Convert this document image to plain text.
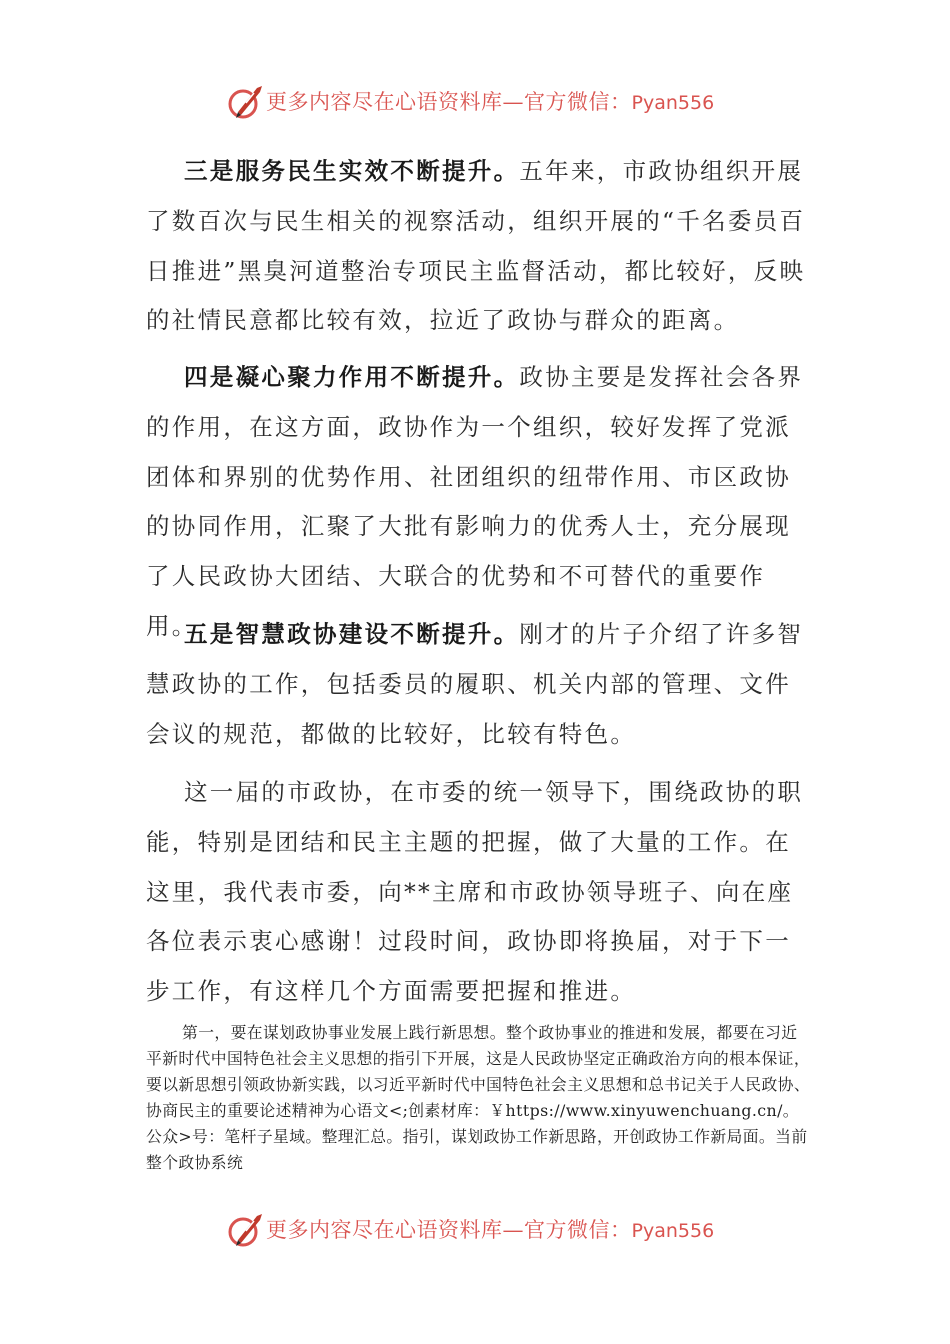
更多内容尽在心语资料库—官方微信：Pyan556

三是服务民生实效不断提升。五年来，市政协组织开展了数百次与民生相关的视察活动，组织开展的“千名委员百日推进”黑臭河道整治专项民主监督活动，都比较好，反映的社情民意都比较有效，拉近了政协与群众的距离。

四是凝心聚力作用不断提升。政协主要是发挥社会各界的作用，在这方面，政协作为一个组织，较好发挥了党派团体和界别的优势作用、社团组织的纽带作用、市区政协的协同作用，汇聚了大批有影响力的优秀人士，充分展现了人民政协大团结、大联合的优势和不可替代的重要作用。

五是智慧政协建设不断提升。刚才的片子介绍了许多智慧政协的工作，包括委员的履职、机关内部的管理、文件会议的规范，都做的比较好，比较有特色。

这一届的市政协，在市委的统一领导下，围绕政协的职能，特别是团结和民主主题的把握，做了大量的工作。在这里，我代表市委，向**主席和市政协领导班子、向在座各位表示衷心感谢！过段时间，政协即将换届，对于下一步工作，有这样几个方面需要把握和推进。

第一，要在谋划政协事业发展上践行新思想。整个政协事业的推进和发展，都要在习近平新时代中国特色社会主义思想的指引下开展，这是人民政协坚定正确政治方向的根本保证，要以新思想引领政协新实践，以习近平新时代中国特色社会主义思想和总书记关于人民政协、协商民主的重要论述精神为心语文<;创素材库：￥https://www.xinyuwenchuang.cn/。公众>号：笔杆子星域。整理汇总。指引，谋划政协工作新思路，开创政协工作新局面。当前整个政协系统

更多内容尽在心语资料库—官方微信：Pyan556
